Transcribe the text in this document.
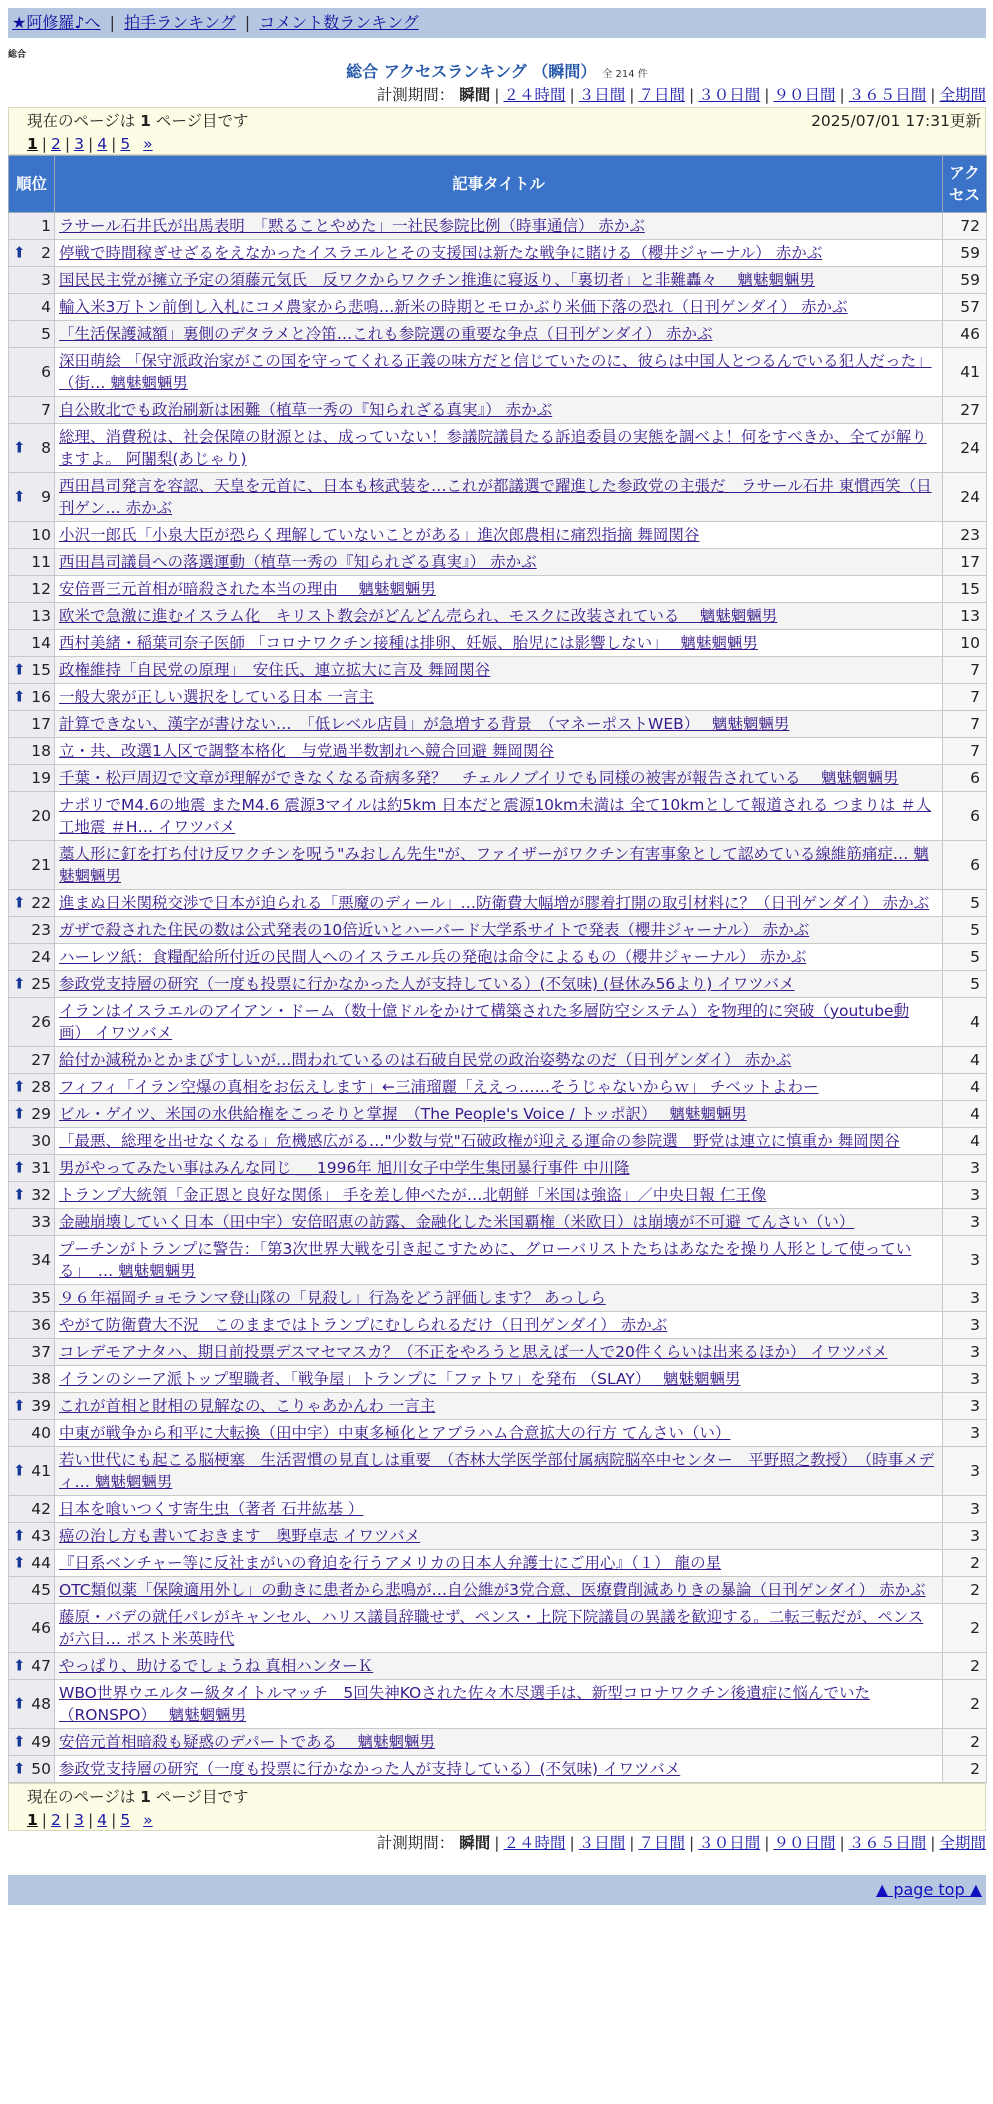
★阿修羅♪へ | 拍手ランキング | コメント数ランキング
総合
総合 アクセスランキング （瞬間） 全 214 件
計測期間： 瞬間 | ２４時間 | ３日間 | ７日間 | ３０日間 | ９０日間 | ３６５日間 | 全期間
現在のページは 1 ページ目です	2025/07/01 17:31更新
1 | 2 | 3 | 4 | 5 »
順位	記事タイトル	アクセス
1	ラサール石井氏が出馬表明　「黙ることやめた」一社民参院比例（時事通信） 赤かぶ	72

⬆ 2	停戦で時間稼ぎせざるをえなかったイスラエルとその支援国は新たな戦争に賭ける（櫻井ジャーナル） 赤かぶ	59
3	国民民主党が擁立予定の須藤元気氏　反ワクからワクチン推進に寝返り、「裏切者」と非難轟々　 魑魅魍魎男	59
4	輸入米3万トン前倒し入札にコメ農家から悲鳴…新米の時期とモロかぶり米価下落の恐れ（日刊ゲンダイ） 赤かぶ	57
5	「生活保護減額」裏側のデタラメと冷笛…これも参院選の重要な争点（日刊ゲンダイ） 赤かぶ	46
6	深田萌絵 「保守派政治家がこの国を守ってくれる正義の味方だと信じていたのに、彼らは中国人とつるんでいる犯人だった」（街… 魑魅魍魎男	41
7	自公敗北でも政治刷新は困難（植草一秀の『知られざる真実』） 赤かぶ	27

⬆ 8	総理、消費税は、社会保障の財源とは、成っていない！参議院議員たる訴追委員の実態を調べよ！何をすべきか、全てが解りますよ。 阿闍梨(あじゃり)	24

⬆ 9	西田昌司発言を容認、天皇を元首に、日本も核武装を…これが都議選で躍進した参政党の主張だ　ラサール石井 東慣西笑（日刊ゲン… 赤かぶ	24
10	小沢一郎氏「小泉大臣が恐らく理解していないことがある」進次郎農相に痛烈指摘 舞岡関谷	23
11	西田昌司議員への落選運動（植草一秀の『知られざる真実』） 赤かぶ	17
12	安倍晋三元首相が暗殺された本当の理由　 魑魅魍魎男	15
13	欧米で急激に進むイスラム化　キリスト教会がどんどん売られ、モスクに改装されている　 魑魅魍魎男	13
14	西村美緒・稲葉司奈子医師 「コロナワクチン接種は排卵、妊娠、胎児には影響しない」　 魑魅魍魎男	10

⬆ 15	政権維持「自民党の原理」　安住氏、連立拡大に言及 舞岡関谷	7

⬆ 16	一般大衆が正しい選択をしている日本 一言主	7
17	計算できない、漢字が書けない…　「低レベル店員」が急増する背景　（マネーポストWEB）　 魑魅魍魎男	7
18	立・共、改選1人区で調整本格化　与党過半数割れへ競合回避 舞岡関谷	7
19	千葉・松戸周辺で文章が理解ができなくなる奇病多発？　チェルノブイリでも同様の被害が報告されている　 魑魅魍魎男	6
20	ナポリでM4.6の地震 またM4.6 震源3マイルは約5km 日本だと震源10km未満は 全て10kmとして報道される つまりは ＃人工地震 ＃H… イワツバメ	6
21	藁人形に釘を打ち付け反ワクチンを呪う"みおしん先生"が、ファイザーがワクチン有害事象として認めている線維筋痛症… 魑魅魍魎男	6

⬆ 22	進まぬ日米関税交渉で日本が迫られる「悪魔のディール」…防衛費大幅増が膠着打開の取引材料に？（日刊ゲンダイ） 赤かぶ	5
23	ガザで殺された住民の数は公式発表の10倍近いとハーバード大学系サイトで発表（櫻井ジャーナル） 赤かぶ	5
24	ハーレツ紙：食糧配給所付近の民間人へのイスラエル兵の発砲は命令によるもの（櫻井ジャーナル） 赤かぶ	5

⬆ 25	参政党支持層の研究（一度も投票に行かなかった人が支持している）(不気味) (昼休み56より) イワツバメ	5
26	イランはイスラエルのアイアン・ドーム（数十億ドルをかけて構築された多層防空システム）を物理的に突破（youtube動画） イワツバメ	4
27	給付か減税かとかまびすしいが…問われているのは石破自民党の政治姿勢なのだ（日刊ゲンダイ） 赤かぶ	4

⬆ 28	フィフィ「イラン空爆の真相をお伝えします」←三浦瑠麗「ええっ……そうじゃないからｗ」 チベットよわー	4

⬆ 29	ビル・ゲイツ、米国の水供給権をこっそりと掌握　（The People's Voice / トッポ訳）　 魑魅魍魎男	4
30	「最悪、総理を出せなくなる」危機感広がる…"少数与党"石破政権が迎える運命の参院選　野党は連立に慎重か 舞岡関谷	4

⬆ 31	男がやってみたい事はみんな同じ ＿ 1996年 旭川女子中学生集団暴行事件 中川隆	3

⬆ 32	トランプ大統領「金正恩と良好な関係」 手を差し伸べたが…北朝鮮「米国は強盗」／中央日報 仁王像	3
33	金融崩壊していく日本（田中宇）安倍昭恵の訪露、金融化した米国覇権（米欧日）は崩壊が不可避 てんさい（い）	3
34	プーチンがトランプに警告：「第3次世界大戦を引き起こすために、グローバリストたちはあなたを操り人形として使っている」　… 魑魅魍魎男	3
35	９６年福岡チョモランマ登山隊の「見殺し」行為をどう評価します？ あっしら	3
36	やがて防衛費大不況　このままではトランプにむしられるだけ（日刊ゲンダイ） 赤かぶ	3
37	コレデモアナタハ、期日前投票デスマセマスカ？（不正をやろうと思えば一人で20件くらいは出来るほか） イワツバメ	3
38	イランのシーア派トップ聖職者、「戦争屋」トランプに「ファトワ」を発布 （SLAY）　 魑魅魍魎男	3

⬆ 39	これが首相と財相の見解なの、こりゃあかんわ 一言主	3
40	中東が戦争から和平に大転換（田中宇）中東多極化とアブラハム合意拡大の行方 てんさい（い）	3

⬆ 41	若い世代にも起こる脳梗塞　生活習慣の見直しは重要　（杏林大学医学部付属病院脳卒中センター　平野照之教授）　（時事メディ… 魑魅魍魎男	3
42	日本を喰いつくす寄生虫（著者 石井紘基 ）	3

⬆ 43	癌の治し方も書いておきます　奥野卓志 イワツバメ	3

⬆ 44	『日系ベンチャー等に反社まがいの脅迫を行うアメリカの日本人弁護士にご用心』（１） 龍の星	2
45	OTC類似薬「保険適用外し」の動きに患者から悲鳴が…自公維が3党合意、医療費削減ありきの暴論（日刊ゲンダイ） 赤かぶ	2
46	藤原・バデの就任パレがキャンセル、ハリス議員辞職せず、ペンス・上院下院議員の異議を歓迎する。二転三転だが、ペンスが六日… ポスト米英時代	2

⬆ 47	やっぱり、助けるでしょうね 真相ハンターＫ	2

⬆ 48	WBO世界ウエルター級タイトルマッチ　5回失神KOされた佐々木尽選手は、新型コロナワクチン後遺症に悩んでいた（RONSPO）　 魑魅魍魎男	2

⬆ 49	安倍元首相暗殺も疑惑のデパートである　 魑魅魍魎男	2

⬆ 50	参政党支持層の研究（一度も投票に行かなかった人が支持している）(不気味) イワツバメ	2
現在のページは 1 ページ目です
1 | 2 | 3 | 4 | 5 »
計測期間： 瞬間 | ２４時間 | ３日間 | ７日間 | ３０日間 | ９０日間 | ３６５日間 | 全期間
▲ page top ▲
